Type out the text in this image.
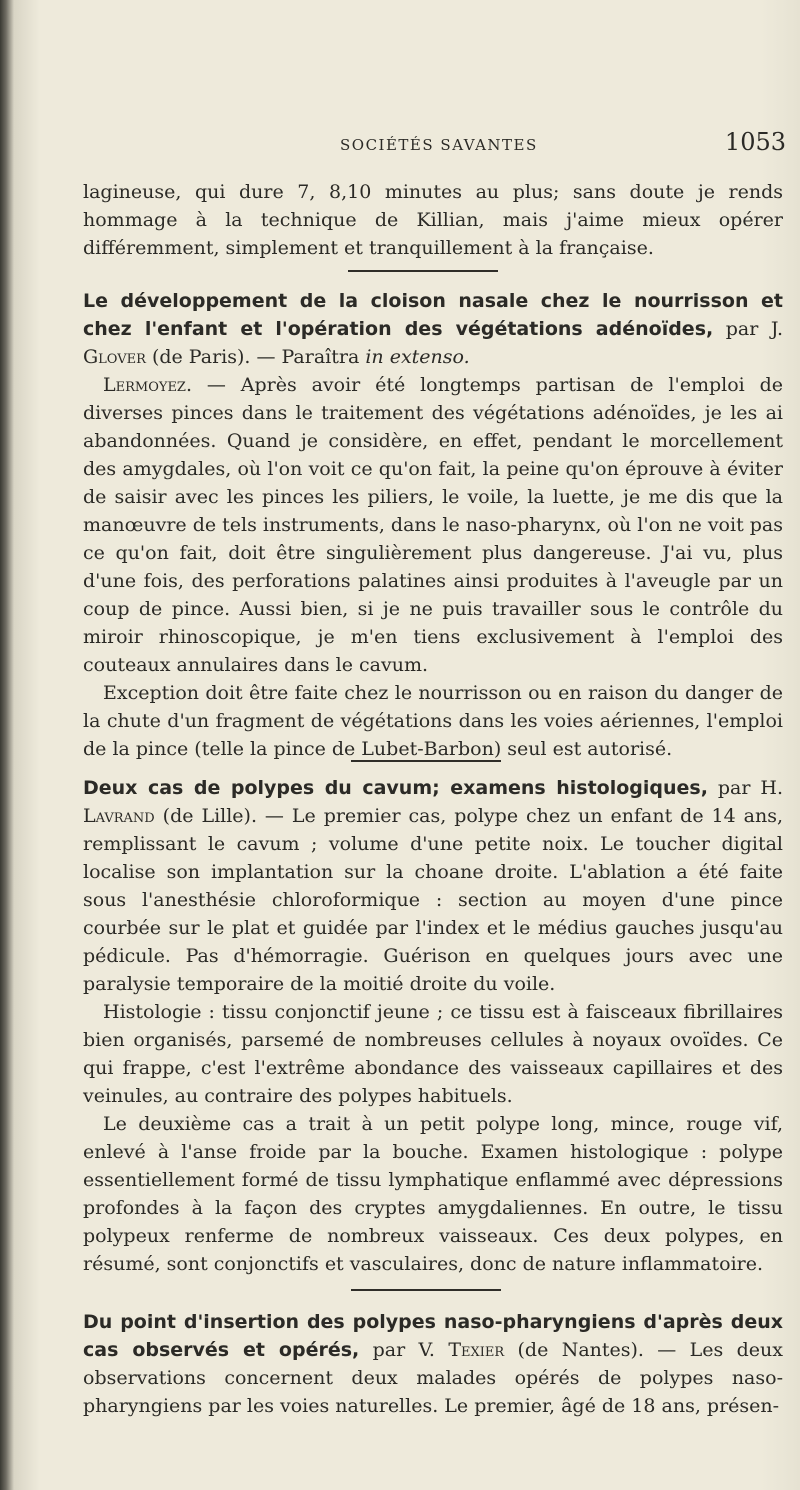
SOCIÉTÉS SAVANTES	1053

lagineuse, qui dure 7, 8,10 minutes au plus; sans doute je rends hommage à la technique de Killian, mais j'aime mieux opérer différemment, simplement et tranquillement à la française.

Le développement de la cloison nasale chez le nourrisson et chez l'enfant et l'opération des végétations adénoïdes, par J. Glover (de Paris). — Paraîtra in extenso.

Lermoyez. — Après avoir été longtemps partisan de l'emploi de diverses pinces dans le traitement des végétations adénoïdes, je les ai abandonnées. Quand je considère, en effet, pendant le morcellement des amygdales, où l'on voit ce qu'on fait, la peine qu'on éprouve à éviter de saisir avec les pinces les piliers, le voile, la luette, je me dis que la manœuvre de tels instruments, dans le naso-pharynx, où l'on ne voit pas ce qu'on fait, doit être singulièrement plus dangereuse. J'ai vu, plus d'une fois, des perforations palatines ainsi produites à l'aveugle par un coup de pince. Aussi bien, si je ne puis travailler sous le contrôle du miroir rhinoscopique, je m'en tiens exclusivement à l'emploi des couteaux annulaires dans le cavum.

Exception doit être faite chez le nourrisson ou en raison du danger de la chute d'un fragment de végétations dans les voies aériennes, l'emploi de la pince (telle la pince de Lubet-Barbon) seul est autorisé.

Deux cas de polypes du cavum; examens histologiques, par H. Lavrand (de Lille). — Le premier cas, polype chez un enfant de 14 ans, remplissant le cavum ; volume d'une petite noix. Le toucher digital localise son implantation sur la choane droite. L'ablation a été faite sous l'anesthésie chloroformique : section au moyen d'une pince courbée sur le plat et guidée par l'index et le médius gauches jusqu'au pédicule. Pas d'hémorragie. Guérison en quelques jours avec une paralysie temporaire de la moitié droite du voile.

Histologie : tissu conjonctif jeune ; ce tissu est à faisceaux fibrillaires bien organisés, parsemé de nombreuses cellules à noyaux ovoïdes. Ce qui frappe, c'est l'extrême abondance des vaisseaux capillaires et des veinules, au contraire des polypes habituels.

Le deuxième cas a trait à un petit polype long, mince, rouge vif, enlevé à l'anse froide par la bouche. Examen histologique : polype essentiellement formé de tissu lymphatique enflammé avec dépressions profondes à la façon des cryptes amygdaliennes. En outre, le tissu polypeux renferme de nombreux vaisseaux. Ces deux polypes, en résumé, sont conjonctifs et vasculaires, donc de nature inflammatoire.

Du point d'insertion des polypes naso-pharyngiens d'après deux cas observés et opérés, par V. Texier (de Nantes). — Les deux observations concernent deux malades opérés de polypes naso-pharyngiens par les voies naturelles. Le premier, âgé de 18 ans, présen-
